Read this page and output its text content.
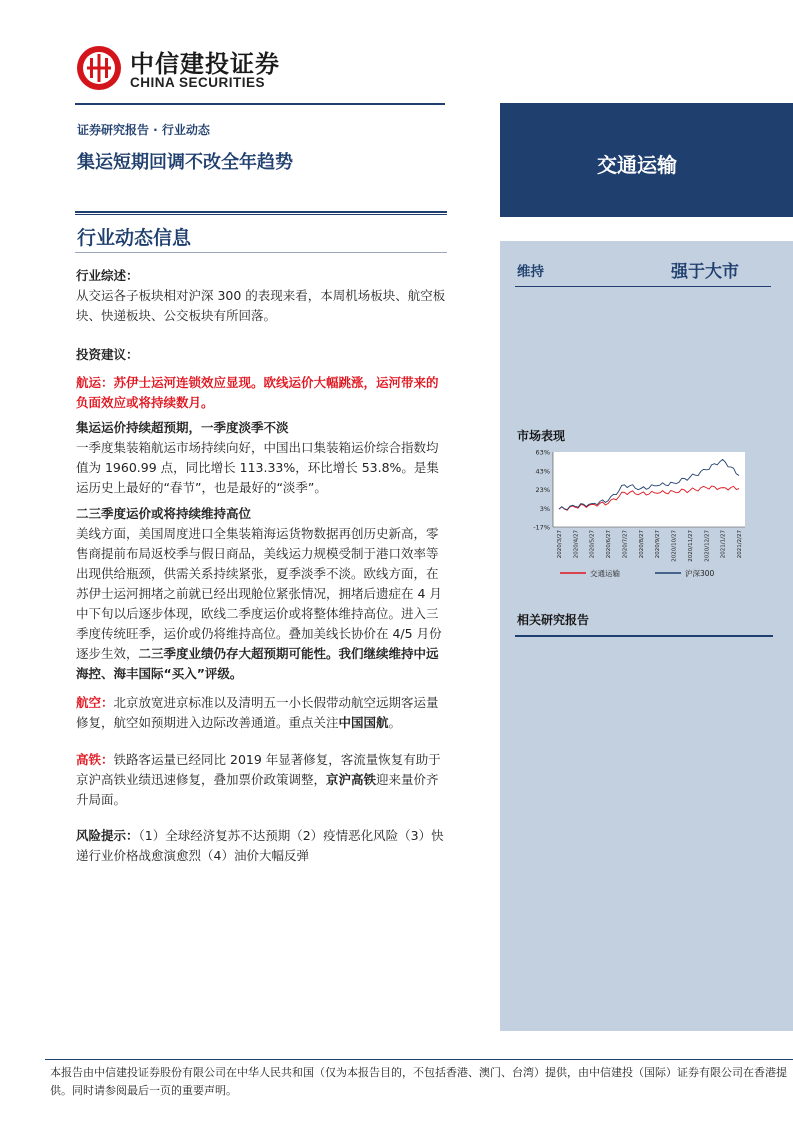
中信建投证券
CHINA SECURITIES
证券研究报告 · 行业动态
集运短期回调不改全年趋势
行业动态信息
行业综述：
从交运各子板块相对沪深 300 的表现来看，本周机场板块、航空板块、快递板块、公交板块有所回落。
投资建议：
航运：苏伊士运河连锁效应显现。欧线运价大幅跳涨，运河带来的负面效应或将持续数月。
集运运价持续超预期，一季度淡季不淡
一季度集装箱航运市场持续向好，中国出口集装箱运价综合指数均值为 1960.99 点，同比增长 113.33%，环比增长 53.8%。是集运历史上最好的“春节”，也是最好的“淡季”。
二三季度运价或将持续维持高位
美线方面，美国周度进口全集装箱海运货物数据再创历史新高，零售商提前布局返校季与假日商品，美线运力规模受制于港口效率等出现供给瓶颈，供需关系持续紧张，夏季淡季不淡。欧线方面，在苏伊士运河拥堵之前就已经出现舱位紧张情况，拥堵后遗症在 4 月中下旬以后逐步体现，欧线二季度运价或将整体维持高位。进入三季度传统旺季，运价或仍将维持高位。叠加美线长协价在 4/5 月份逐步生效，二三季度业绩仍存大超预期可能性。我们继续维持中远海控、海丰国际“买入”评级。
航空：北京放宽进京标准以及清明五一小长假带动航空远期客运量修复，航空如预期进入边际改善通道。重点关注中国国航。
高铁：铁路客运量已经同比 2019 年显著修复，客流量恢复有助于京沪高铁业绩迅速修复，叠加票价政策调整，京沪高铁迎来量价齐升局面。
风险提示：（1）全球经济复苏不达预期（2）疫情恶化风险（3）快递行业价格战愈演愈烈（4）油价大幅反弹
交通运输
维持	强于大市
市场表现
63%
43%
23%
3%
-17%
2020/3/27 2020/4/27 2020/5/27 2020/6/27 2020/7/27 2020/8/27 2020/9/27 2020/10/27 2020/11/27 2020/12/27 2021/1/27 2021/2/27
交通运输	沪深300
相关研究报告
本报告由中信建投证券股份有限公司在中华人民共和国（仅为本报告目的，不包括香港、澳门、台湾）提供，由中信建投（国际）证券有限公司在香港提供。同时请参阅最后一页的重要声明。
